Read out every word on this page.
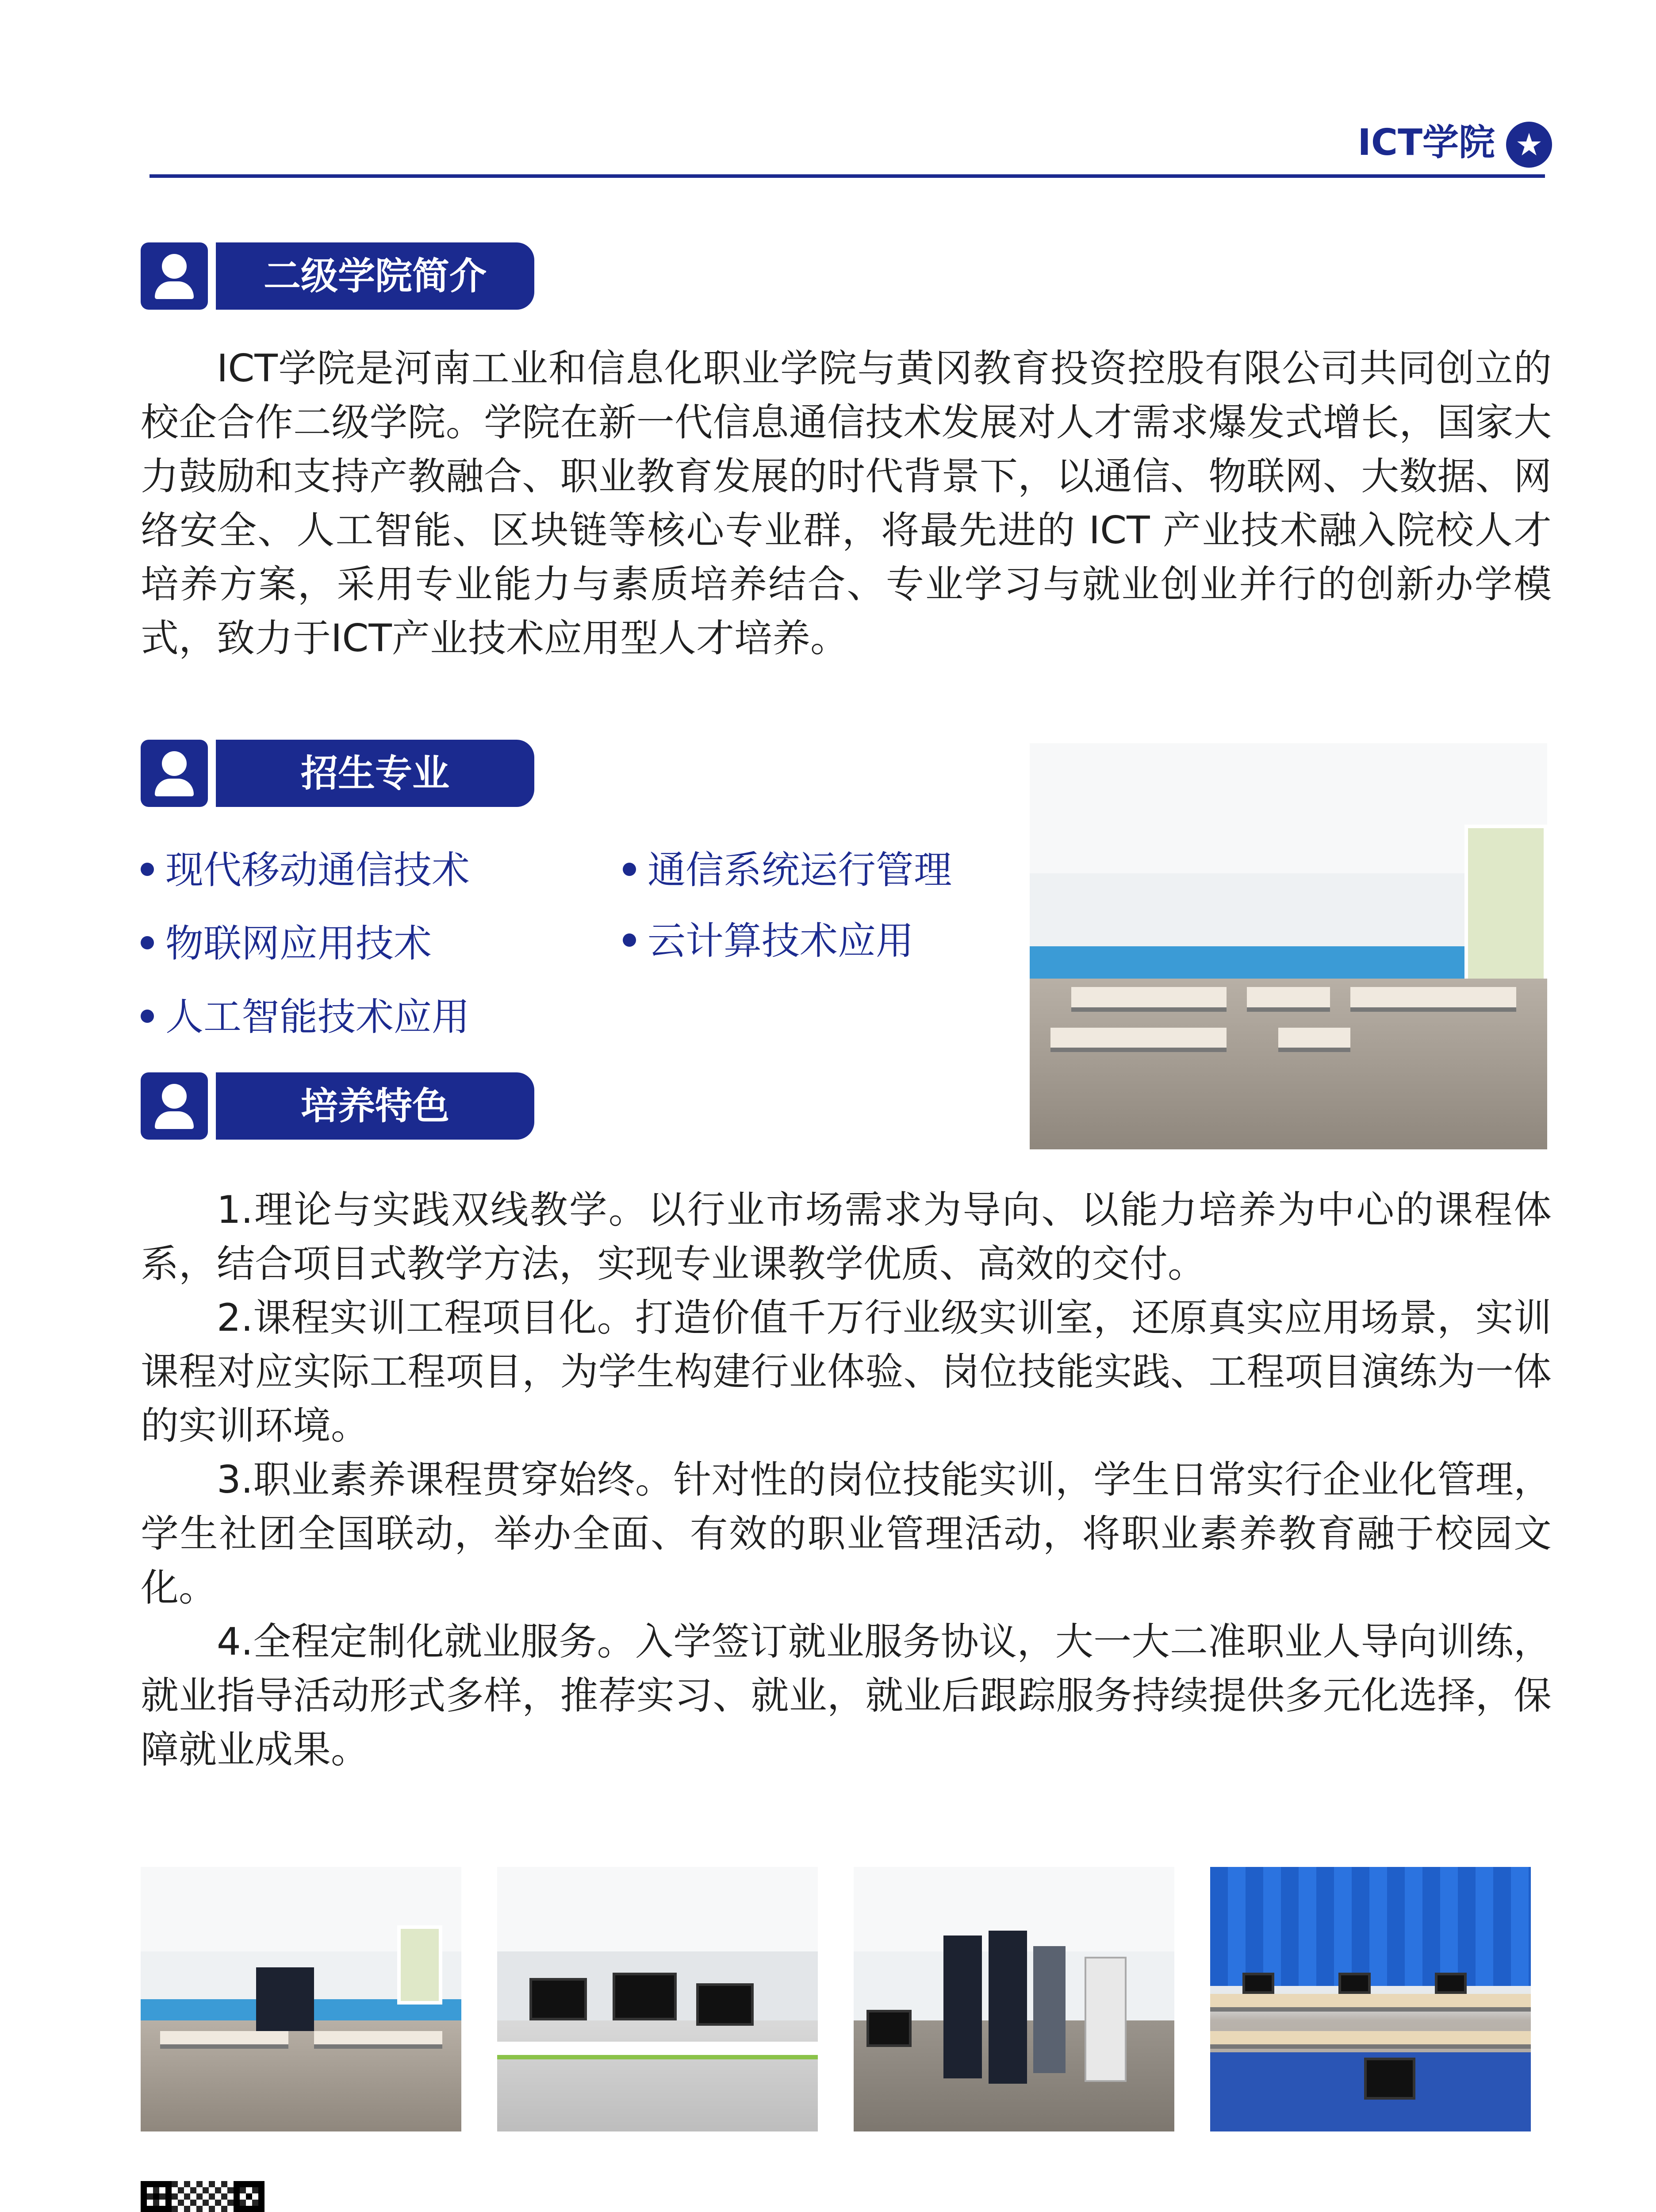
ICT学院 ★
二级学院简介

ICT学院是河南工业和信息化职业学院与黄冈教育投资控股有限公司共同创立的校企合作二级学院。学院在新一代信息通信技术发展对人才需求爆发式增长，国家大力鼓励和支持产教融合、职业教育发展的时代背景下，以通信、物联网、大数据、网络安全、人工智能、区块链等核心专业群，将最先进的 ICT 产业技术融入院校人才培养方案，采用专业能力与素质培养结合、专业学习与就业创业并行的创新办学模式，致力于ICT产业技术应用型人才培养。

招生专业
现代移动通信技术	通信系统运行管理
物联网应用技术	云计算技术应用
人工智能技术应用
培养特色

1.理论与实践双线教学。以行业市场需求为导向、以能力培养为中心的课程体系，结合项目式教学方法，实现专业课教学优质、高效的交付。

2.课程实训工程项目化。打造价值千万行业级实训室，还原真实应用场景，实训课程对应实际工程项目，为学生构建行业体验、岗位技能实践、工程项目演练为一体的实训环境。

3.职业素养课程贯穿始终。针对性的岗位技能实训，学生日常实行企业化管理，学生社团全国联动，举办全面、有效的职业管理活动，将职业素养教育融于校园文化。

4.全程定制化就业服务。入学签订就业服务协议，大一大二准职业人导向训练，就业指导活动形式多样，推荐实习、就业，就业后跟踪服务持续提供多元化选择，保障就业成果。
